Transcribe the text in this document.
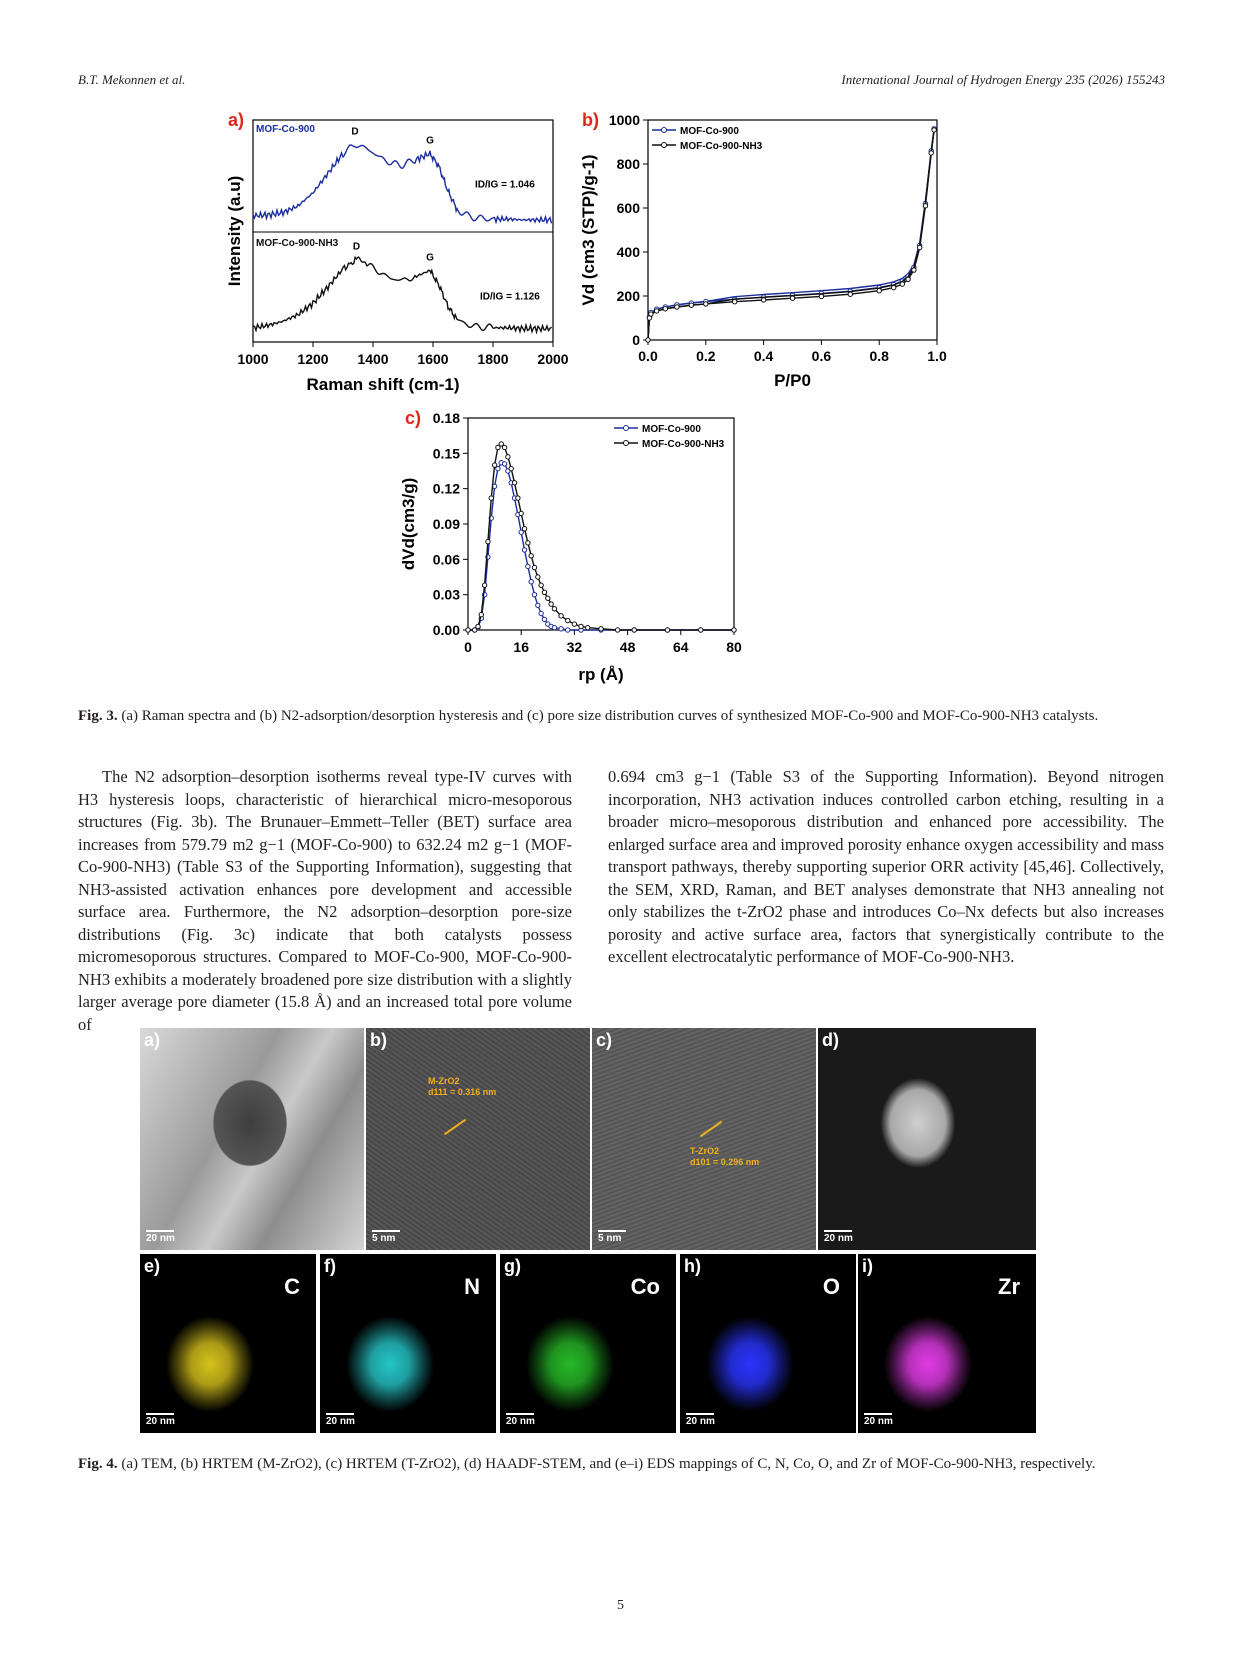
B.T. Mekonnen et al.	International Journal of Hydrogen Energy 235 (2026) 155243
a)
1000 1200 1400 1600 1800 2000
Raman shift (cm-1)
Intensity (a.u)
MOF-Co-900	D
G
ID/IG = 1.046
MOF-Co-900-NH3 D
G
ID/IG = 1.126
b)
0.0	0.2	0.4	0.6	0.8	1.0
0
200
400
600
800
1000
P/P0
Vd (cm3 (STP)/g-1)
MOF-Co-900
MOF-Co-900-NH3
c)
0	16	32	48	64	80
0.00
0.03
0.06
0.09
0.12
0.15
0.18
rp (Å)
dVd(cm3/g)
MOF-Co-900
MOF-Co-900-NH3
Fig. 3. (a) Raman spectra and (b) N2-adsorption/desorption hysteresis and (c) pore size distribution curves of synthesized MOF-Co-900 and MOF-Co-900-NH3 catalysts.
The N2 adsorption–desorption isotherms reveal type-IV curves with H3 hysteresis loops, characteristic of hierarchical micro-mesoporous structures (Fig. 3b). The Brunauer–Emmett–Teller (BET) surface area increases from 579.79 m2 g−1 (MOF-Co-900) to 632.24 m2 g−1 (MOF-Co-900-NH3) (Table S3 of the Supporting Information), suggesting that NH3-assisted activation enhances pore development and accessible surface area. Furthermore, the N2 adsorption–desorption pore-size distributions (Fig. 3c) indicate that both catalysts possess micromesoporous structures. Compared to MOF-Co-900, MOF-Co-900-NH3 exhibits a moderately broadened pore size distribution with a slightly larger average pore diameter (15.8 Å) and an increased total pore volume of
0.694 cm3 g−1 (Table S3 of the Supporting Information). Beyond nitrogen incorporation, NH3 activation induces controlled carbon etching, resulting in a broader micro–mesoporous distribution and enhanced pore accessibility. The enlarged surface area and improved porosity enhance oxygen accessibility and mass transport pathways, thereby supporting superior ORR activity [45,46]. Collectively, the SEM, XRD, Raman, and BET analyses demonstrate that NH3 annealing not only stabilizes the t-ZrO2 phase and introduces Co–Nx defects but also increases porosity and active surface area, factors that synergistically contribute to the excellent electrocatalytic performance of MOF-Co-900-NH3.
a)
20 nm
b)
5 nm
M-ZrO2
d111 = 0.316 nm
c)
5 nm
T-ZrO2
d101 = 0.296 nm
d)
20 nm
e)
C
20 nm
f)
N
20 nm
g)
Co
20 nm
h)
O
20 nm
i)
Zr
20 nm
Fig. 4. (a) TEM, (b) HRTEM (M-ZrO2), (c) HRTEM (T-ZrO2), (d) HAADF-STEM, and (e–i) EDS mappings of C, N, Co, O, and Zr of MOF-Co-900-NH3, respectively.
5
